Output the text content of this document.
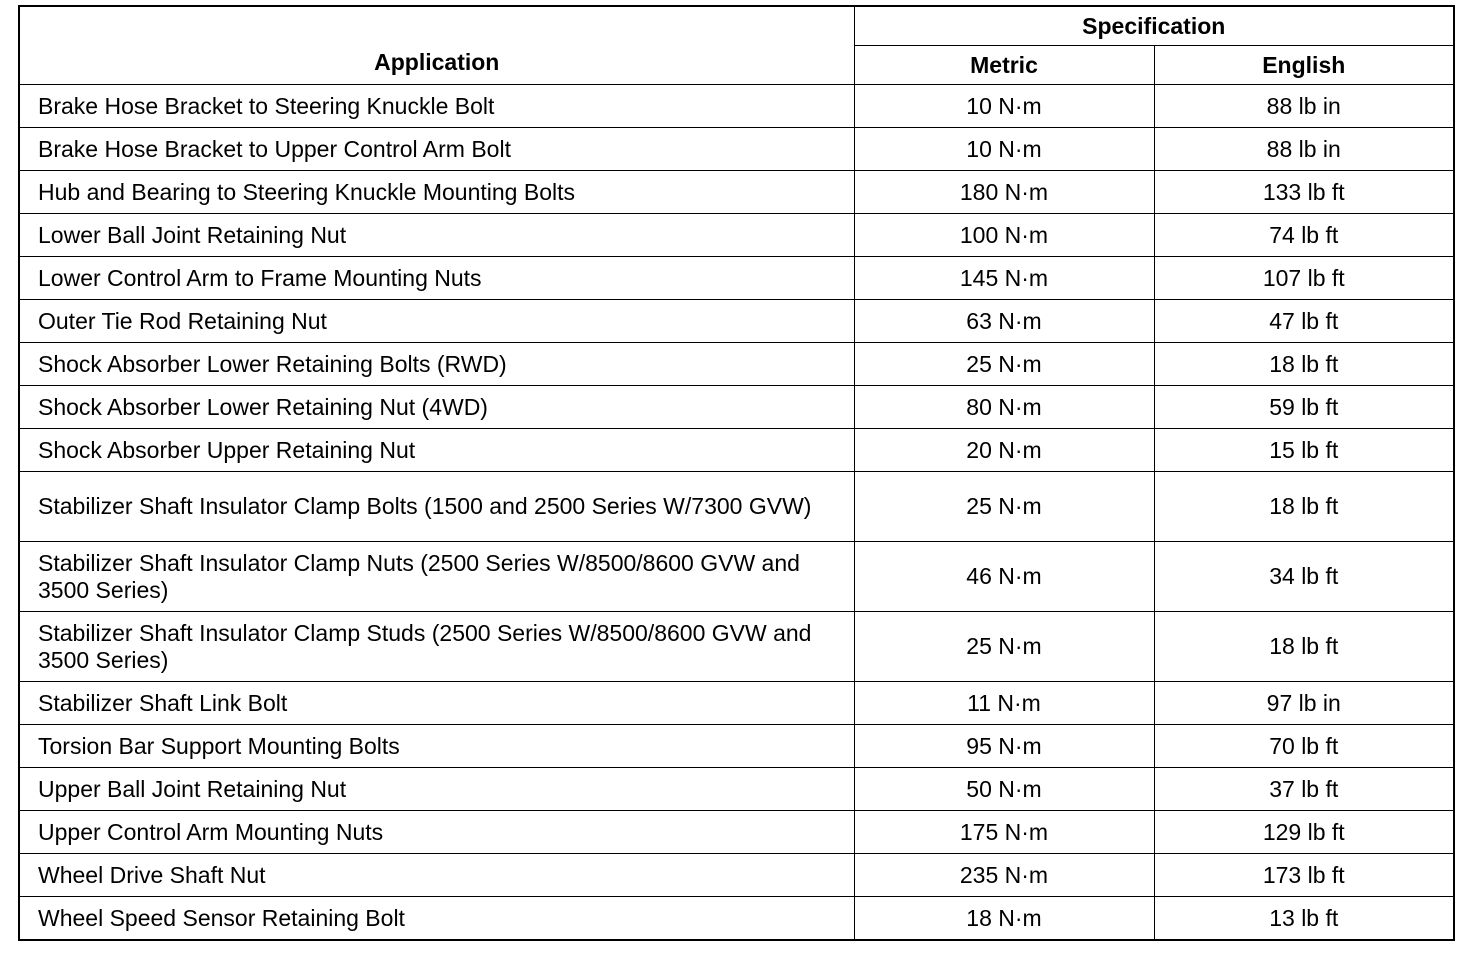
Application	Specification	
	Metric	English
Brake Hose Bracket to Steering Knuckle Bolt	10 N·m	88 lb in
Brake Hose Bracket to Upper Control Arm Bolt	10 N·m	88 lb in
Hub and Bearing to Steering Knuckle Mounting Bolts	180 N·m	133 lb ft
Lower Ball Joint Retaining Nut	100 N·m	74 lb ft
Lower Control Arm to Frame Mounting Nuts	145 N·m	107 lb ft
Outer Tie Rod Retaining Nut	63 N·m	47 lb ft
Shock Absorber Lower Retaining Bolts (RWD)	25 N·m	18 lb ft
Shock Absorber Lower Retaining Nut (4WD)	80 N·m	59 lb ft
Shock Absorber Upper Retaining Nut	20 N·m	15 lb ft
Stabilizer Shaft Insulator Clamp Bolts (1500 and 2500 Series W/7300 GVW)	25 N·m	18 lb ft
Stabilizer Shaft Insulator Clamp Nuts (2500 Series W/8500/8600 GVW and 3500 Series)	46 N·m	34 lb ft
Stabilizer Shaft Insulator Clamp Studs (2500 Series W/8500/8600 GVW and 3500 Series)	25 N·m	18 lb ft
Stabilizer Shaft Link Bolt	11 N·m	97 lb in
Torsion Bar Support Mounting Bolts	95 N·m	70 lb ft
Upper Ball Joint Retaining Nut	50 N·m	37 lb ft
Upper Control Arm Mounting Nuts	175 N·m	129 lb ft
Wheel Drive Shaft Nut	235 N·m	173 lb ft
Wheel Speed Sensor Retaining Bolt	18 N·m	13 lb ft
